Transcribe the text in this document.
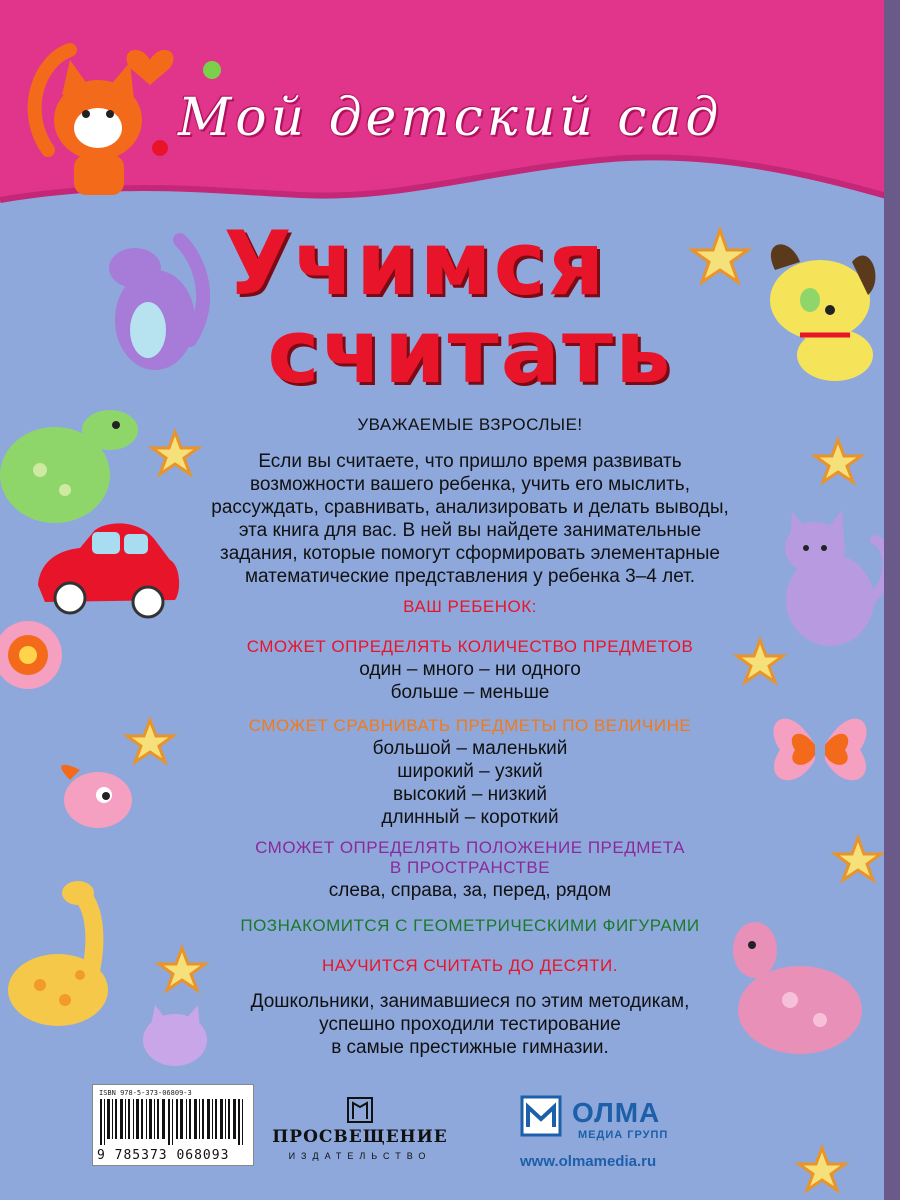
Мой детский сад
Учимся
считать
УВАЖАЕМЫЕ ВЗРОСЛЫЕ!
Если вы считаете, что пришло время развивать
возможности вашего ребенка, учить его мыслить,
рассуждать, сравнивать, анализировать и делать выводы,
эта книга для вас. В ней вы найдете занимательные
задания, которые помогут сформировать элементарные
математические представления у ребенка 3–4 лет.
ВАШ РЕБЕНОК:
СМОЖЕТ ОПРЕДЕЛЯТЬ КОЛИЧЕСТВО ПРЕДМЕТОВ
один – много – ни одного
больше – меньше
СМОЖЕТ СРАВНИВАТЬ ПРЕДМЕТЫ ПО ВЕЛИЧИНЕ
большой – маленький
широкий – узкий
высокий – низкий
длинный – короткий
СМОЖЕТ ОПРЕДЕЛЯТЬ ПОЛОЖЕНИЕ ПРЕДМЕТА
В ПРОСТРАНСТВЕ
слева, справа, за, перед, рядом
ПОЗНАКОМИТСЯ С ГЕОМЕТРИЧЕСКИМИ ФИГУРАМИ
НАУЧИТСЯ СЧИТАТЬ ДО ДЕСЯТИ.
Дошкольники, занимавшиеся по этим методикам,
успешно проходили тестирование
в самые престижные гимназии.
ISBN 978-5-373-06809-3
9 785373 068093
ПРОСВЕЩЕНИЕ
ИЗДАТЕЛЬСТВО
ОЛМА
МЕДИА ГРУПП
www.olmamedia.ru
